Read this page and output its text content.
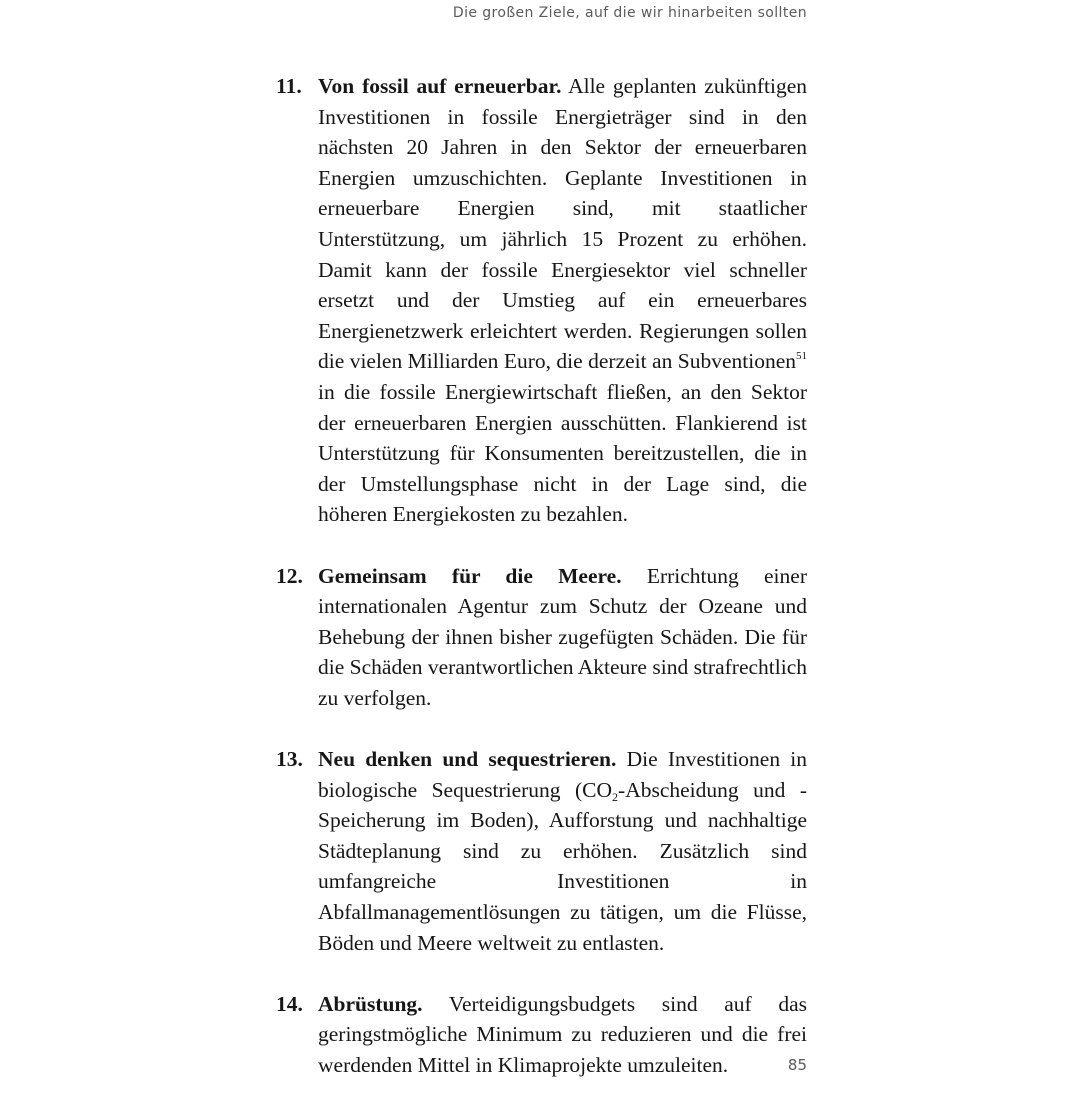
Die großen Ziele, auf die wir hinarbeiten sollten
11. Von fossil auf erneuerbar. Alle geplanten zukünftigen Investitionen in fossile Energieträger sind in den nächsten 20 Jahren in den Sektor der erneuerbaren Energien umzuschichten. Geplante Investitionen in erneuerbare Energien sind, mit staatlicher Unterstützung, um jährlich 15 Prozent zu erhöhen. Damit kann der fossile Energiesektor viel schneller ersetzt und der Umstieg auf ein erneuerbares Energienetzwerk erleichtert werden. Regierungen sollen die vielen Milliarden Euro, die derzeit an Subventionen$^{51}$ in die fossile Energiewirtschaft fließen, an den Sektor der erneuerbaren Energien ausschütten. Flankierend ist Unterstützung für Konsumenten bereitzustellen, die in der Umstellungsphase nicht in der Lage sind, die höheren Energiekosten zu bezahlen.
12. Gemeinsam für die Meere. Errichtung einer internationalen Agentur zum Schutz der Ozeane und Behebung der ihnen bisher zugefügten Schäden. Die für die Schäden verantwortlichen Akteure sind strafrechtlich zu verfolgen.
13. Neu denken und sequestrieren. Die Investitionen in biologische Sequestrierung ($CO_2$-Abscheidung und -Speicherung im Boden), Aufforstung und nachhaltige Städteplanung sind zu erhöhen. Zusätzlich sind umfangreiche Investitionen in Abfallmanagementlösungen zu tätigen, um die Flüsse, Böden und Meere weltweit zu entlasten.
14. Abrüstung. Verteidigungsbudgets sind auf das geringstmögliche Minimum zu reduzieren und die frei werdenden Mittel in Klimaprojekte umzuleiten.	85
